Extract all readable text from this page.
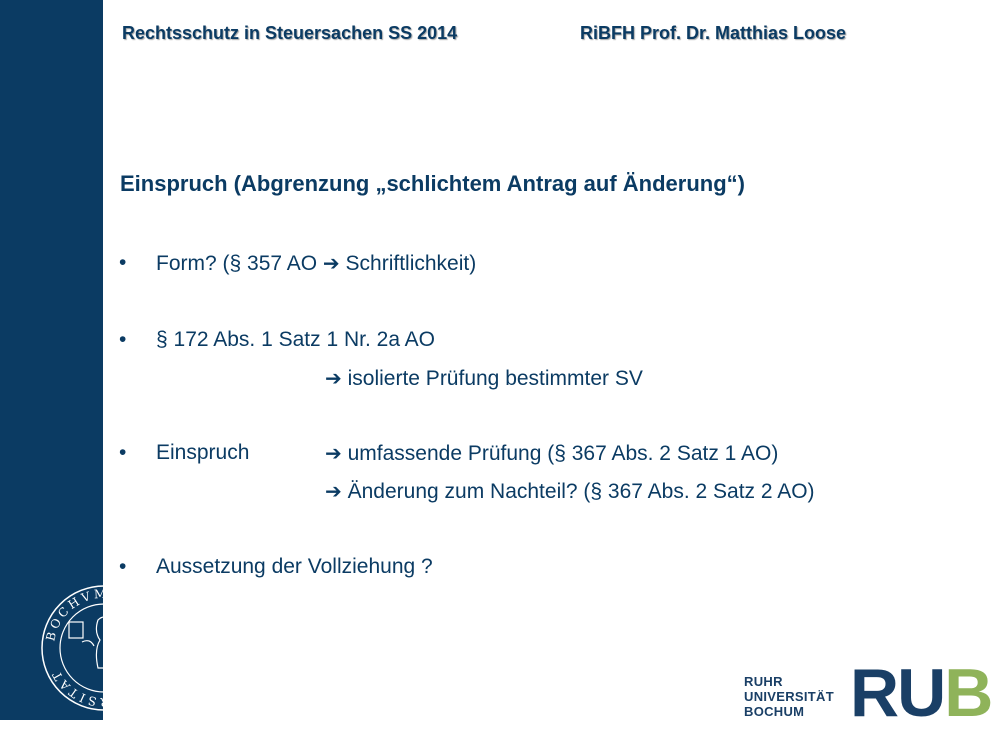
Rechtsschutz in Steuersachen SS 2014	RiBFH Prof. Dr. Matthias Loose
Einspruch (Abgrenzung „schlichtem Antrag auf Änderung“)
• Form? (§ 357 AO ➔ Schriftlichkeit)
• § 172 Abs. 1 Satz 1 Nr. 2a AO
➔ isolierte Prüfung bestimmter SV
• Einspruch	➔ umfassende Prüfung (§ 367 Abs. 2 Satz 1 AO)
➔ Änderung zum Nachteil? (§ 367 Abs. 2 Satz 2 AO)
• Aussetzung der Vollziehung ?
BOCHVM · RVHR · VNIVERSITAT	RUHR
UNIVERSITÄT
BOCHUM RUB
